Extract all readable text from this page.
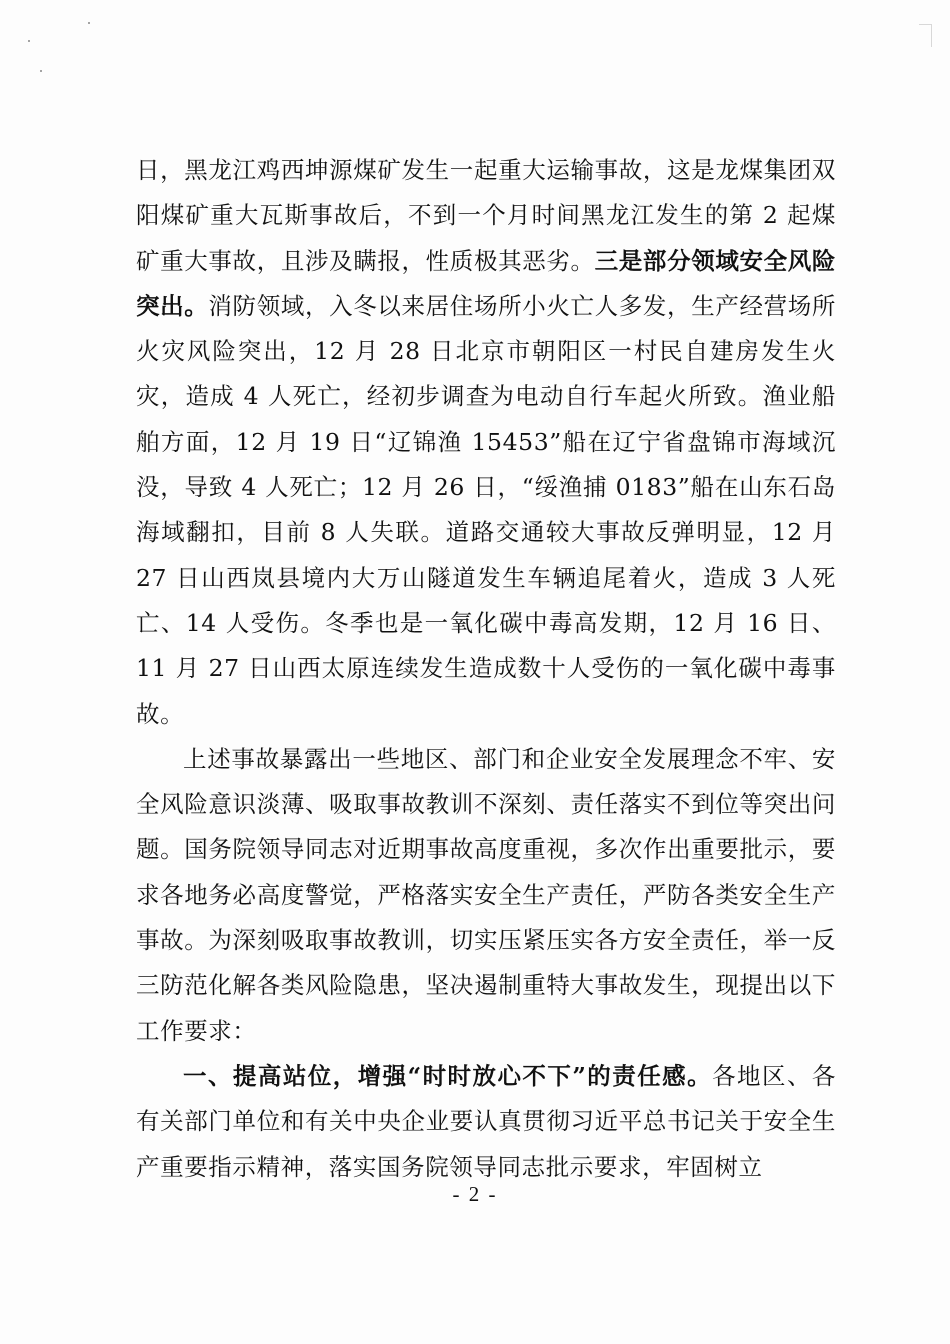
日，黑龙江鸡西坤源煤矿发生一起重大运输事故，这是龙煤集团双阳煤矿重大瓦斯事故后，不到一个月时间黑龙江发生的第 2 起煤矿重大事故，且涉及瞒报，性质极其恶劣。三是部分领域安全风险突出。消防领域，入冬以来居住场所小火亡人多发，生产经营场所火灾风险突出，12 月 28 日北京市朝阳区一村民自建房发生火灾，造成 4 人死亡，经初步调查为电动自行车起火所致。渔业船舶方面，12 月 19 日“辽锦渔 15453”船在辽宁省盘锦市海域沉没，导致 4 人死亡；12 月 26 日，“绥渔捕 0183”船在山东石岛海域翻扣，目前 8 人失联。道路交通较大事故反弹明显，12 月 27 日山西岚县境内大万山隧道发生车辆追尾着火，造成 3 人死亡、14 人受伤。冬季也是一氧化碳中毒高发期，12 月 16 日、11 月 27 日山西太原连续发生造成数十人受伤的一氧化碳中毒事故。

上述事故暴露出一些地区、部门和企业安全发展理念不牢、安全风险意识淡薄、吸取事故教训不深刻、责任落实不到位等突出问题。国务院领导同志对近期事故高度重视，多次作出重要批示，要求各地务必高度警觉，严格落实安全生产责任，严防各类安全生产事故。为深刻吸取事故教训，切实压紧压实各方安全责任，举一反三防范化解各类风险隐患，坚决遏制重特大事故发生，现提出以下工作要求：

一、提高站位，增强“时时放心不下”的责任感。各地区、各有关部门单位和有关中央企业要认真贯彻习近平总书记关于安全生产重要指示精神，落实国务院领导同志批示要求，牢固树立

- 2 -
